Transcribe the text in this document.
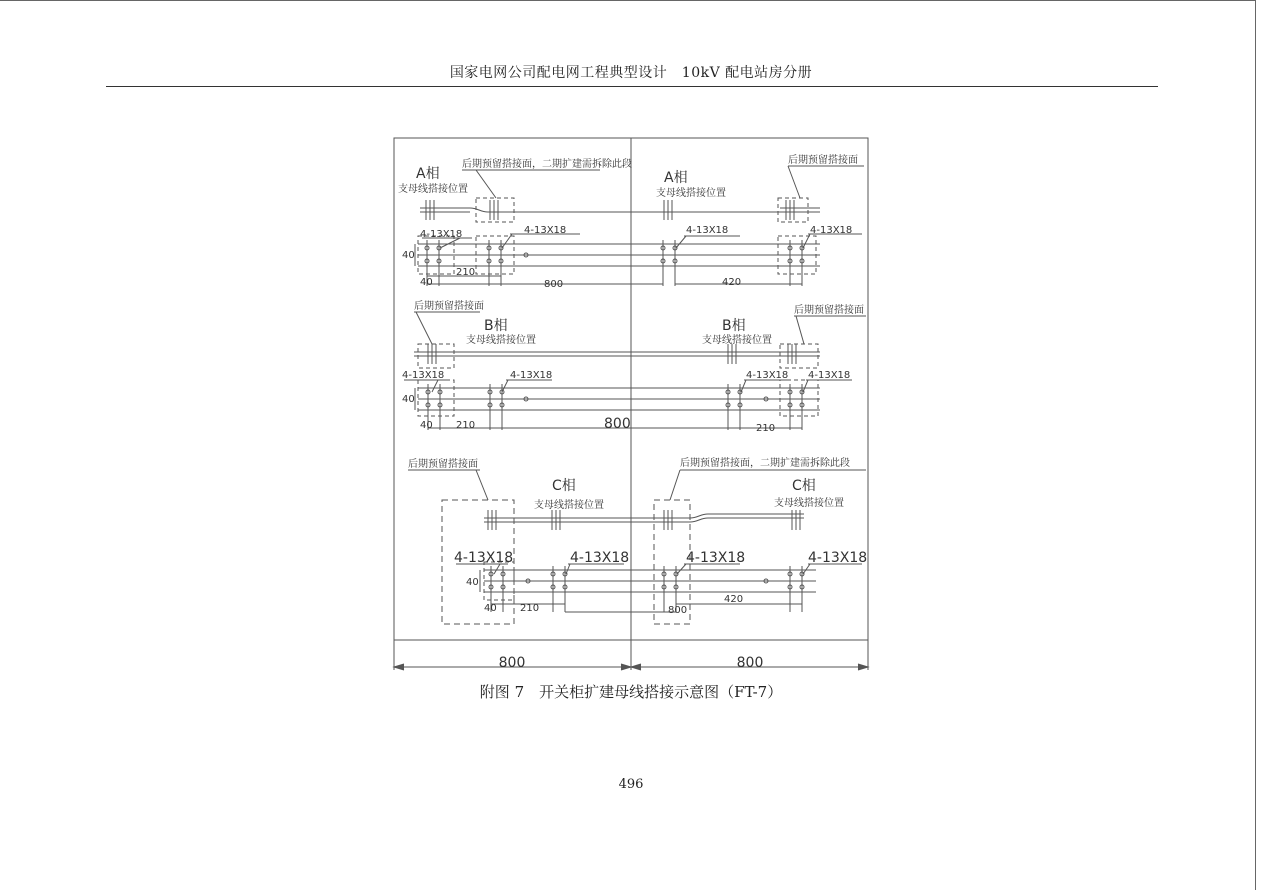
国家电网公司配电网工程典型设计　10kV 配电站房分册
800	800
A相
支母线搭接位置
后期预留搭接面，二期扩建需拆除此段
A相
支母线搭接位置
后期预留搭接面
4-13X18	4-13X18	4-13X18	4-13X18
40
40
210
800	420
后期预留搭接面	后期预留搭接面
B相
支母线搭接位置
B相
支母线搭接位置
4-13X18	4-13X18	4-13X18 4-13X18
40
40 210	800	210
后期预留搭接面	后期预留搭接面，二期扩建需拆除此段
C相
支母线搭接位置
C相
支母线搭接位置
4-13X18	4-13X18	4-13X18	4-13X18
40
40 210	800
420
附图 7　开关柜扩建母线搭接示意图（FT-7）
496
